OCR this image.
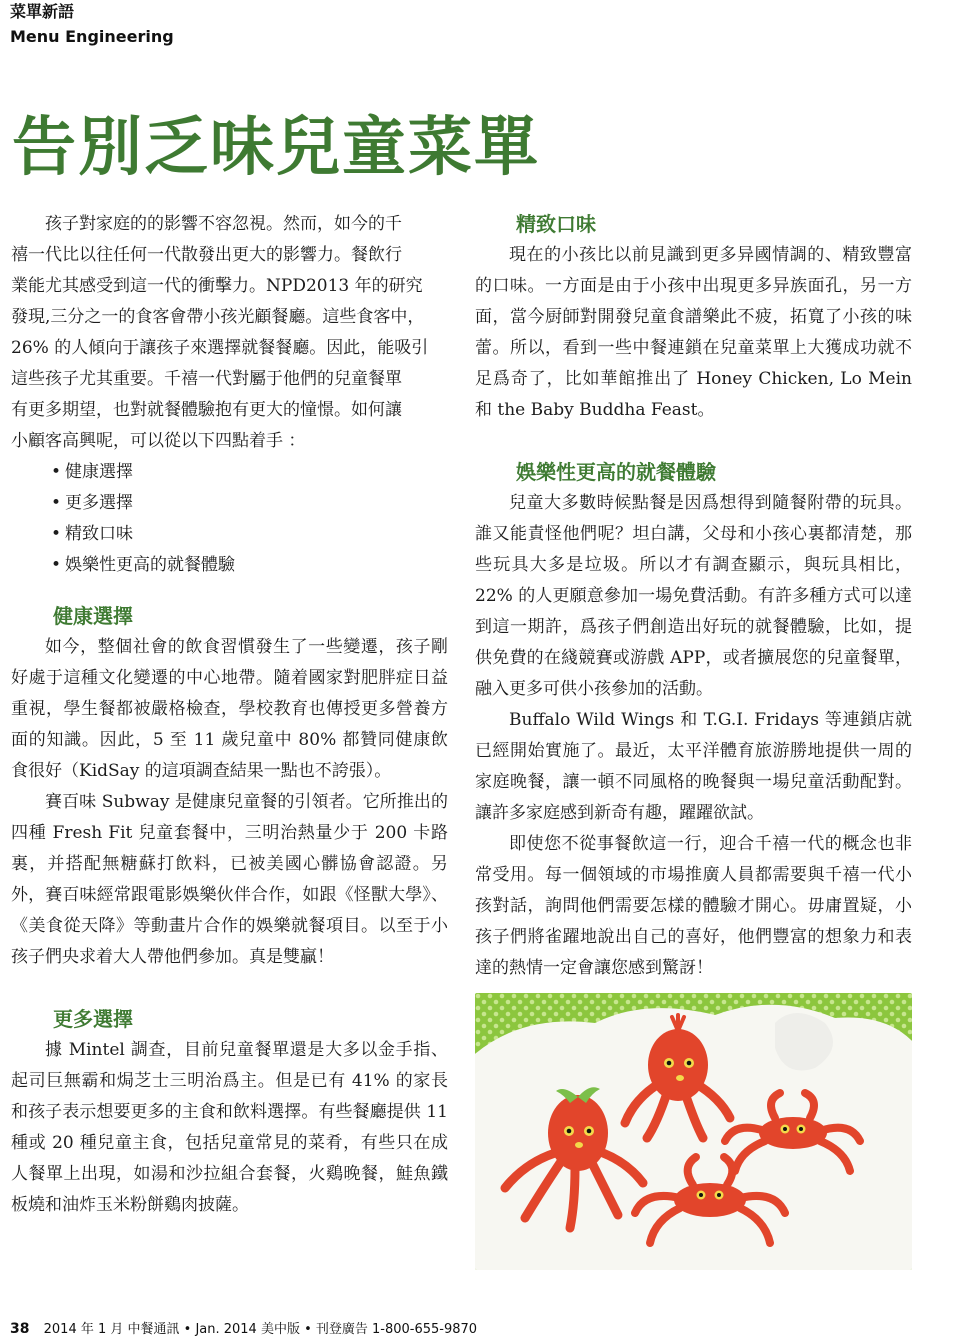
菜單新語
Menu Engineering
告別乏味兒童菜單
孩子對家庭的的影響不容忽視。然而，如今的千
禧一代比以往任何一代散發出更大的影響力。餐飲行
業能尤其感受到這一代的衝擊力。NPD2013 年的研究
發現,三分之一的食客會帶小孩光顧餐廳。這些食客中，
26% 的人傾向于讓孩子來選擇就餐餐廳。因此，能吸引
這些孩子尤其重要。千禧一代對屬于他們的兒童餐單
有更多期望，也對就餐體驗抱有更大的憧憬。如何讓
小顧客高興呢，可以從以下四點着手 ：
• 健康選擇
• 更多選擇
• 精致口味
• 娛樂性更高的就餐體驗
健康選擇

如今，整個社會的飲食習慣發生了一些變遷，孩子剛好處于這種文化變遷的中心地帶。隨着國家對肥胖症日益重視，學生餐都被嚴格檢查，學校教育也傳授更多營養方面的知識。因此，5 至 11 歲兒童中 80% 都贊同健康飲食很好（KidSay 的這項調查結果一點也不誇張）。

賽百味 Subway 是健康兒童餐的引領者。它所推出的四種 Fresh Fit 兒童套餐中，三明治熱量少于 200 卡路裏，并搭配無糖蘇打飲料，已被美國心髒協會認證。另外，賽百味經常跟電影娛樂伙伴合作，如跟《怪獸大學》、《美食從天降》等動畫片合作的娛樂就餐項目。以至于小孩子們央求着大人帶他們參加。真是雙贏！

更多選擇

據 Mintel 調查，目前兒童餐單還是大多以金手指、起司巨無霸和焗芝士三明治爲主。但是已有 41% 的家長和孩子表示想要更多的主食和飲料選擇。有些餐廳提供 11 種或 20 種兒童主食，包括兒童常見的菜肴，有些只在成人餐單上出現，如湯和沙拉組合套餐，火鷄晚餐，鮭魚鐵板燒和油炸玉米粉餅鷄肉披薩。

精致口味

現在的小孩比以前見識到更多异國情調的、精致豐富的口味。一方面是由于小孩中出現更多异族面孔，另一方面，當今厨師對開發兒童食譜樂此不疲，拓寬了小孩的味蕾。所以，看到一些中餐連鎖在兒童菜單上大獲成功就不足爲奇了，比如華館推出了 Honey Chicken, Lo Mein 和 the Baby Buddha Feast。

娛樂性更高的就餐體驗

兒童大多數時候點餐是因爲想得到隨餐附帶的玩具。誰又能責怪他們呢？坦白講，父母和小孩心裏都清楚，那些玩具大多是垃圾。所以才有調查顯示，與玩具相比，22% 的人更願意參加一場免費活動。有許多種方式可以達到這一期許，爲孩子們創造出好玩的就餐體驗，比如，提供免費的在綫競賽或游戲 APP，或者擴展您的兒童餐單，融入更多可供小孩參加的活動。

Buffalo Wild Wings 和 T.G.I. Fridays 等連鎖店就已經開始實施了。最近，太平洋體育旅游勝地提供一周的家庭晚餐，讓一頓不同風格的晚餐與一場兒童活動配對。讓許多家庭感到新奇有趣，躍躍欲試。

即使您不從事餐飲這一行，迎合千禧一代的概念也非常受用。每一個領域的市場推廣人員都需要與千禧一代小孩對話，詢問他們需要怎樣的體驗才開心。毋庸置疑，小孩子們將雀躍地說出自己的喜好，他們豐富的想象力和表達的熱情一定會讓您感到驚訝！

38 2014 年 1 月 中餐通訊 • Jan. 2014 美中版 • 刊登廣告 1-800-655-9870
